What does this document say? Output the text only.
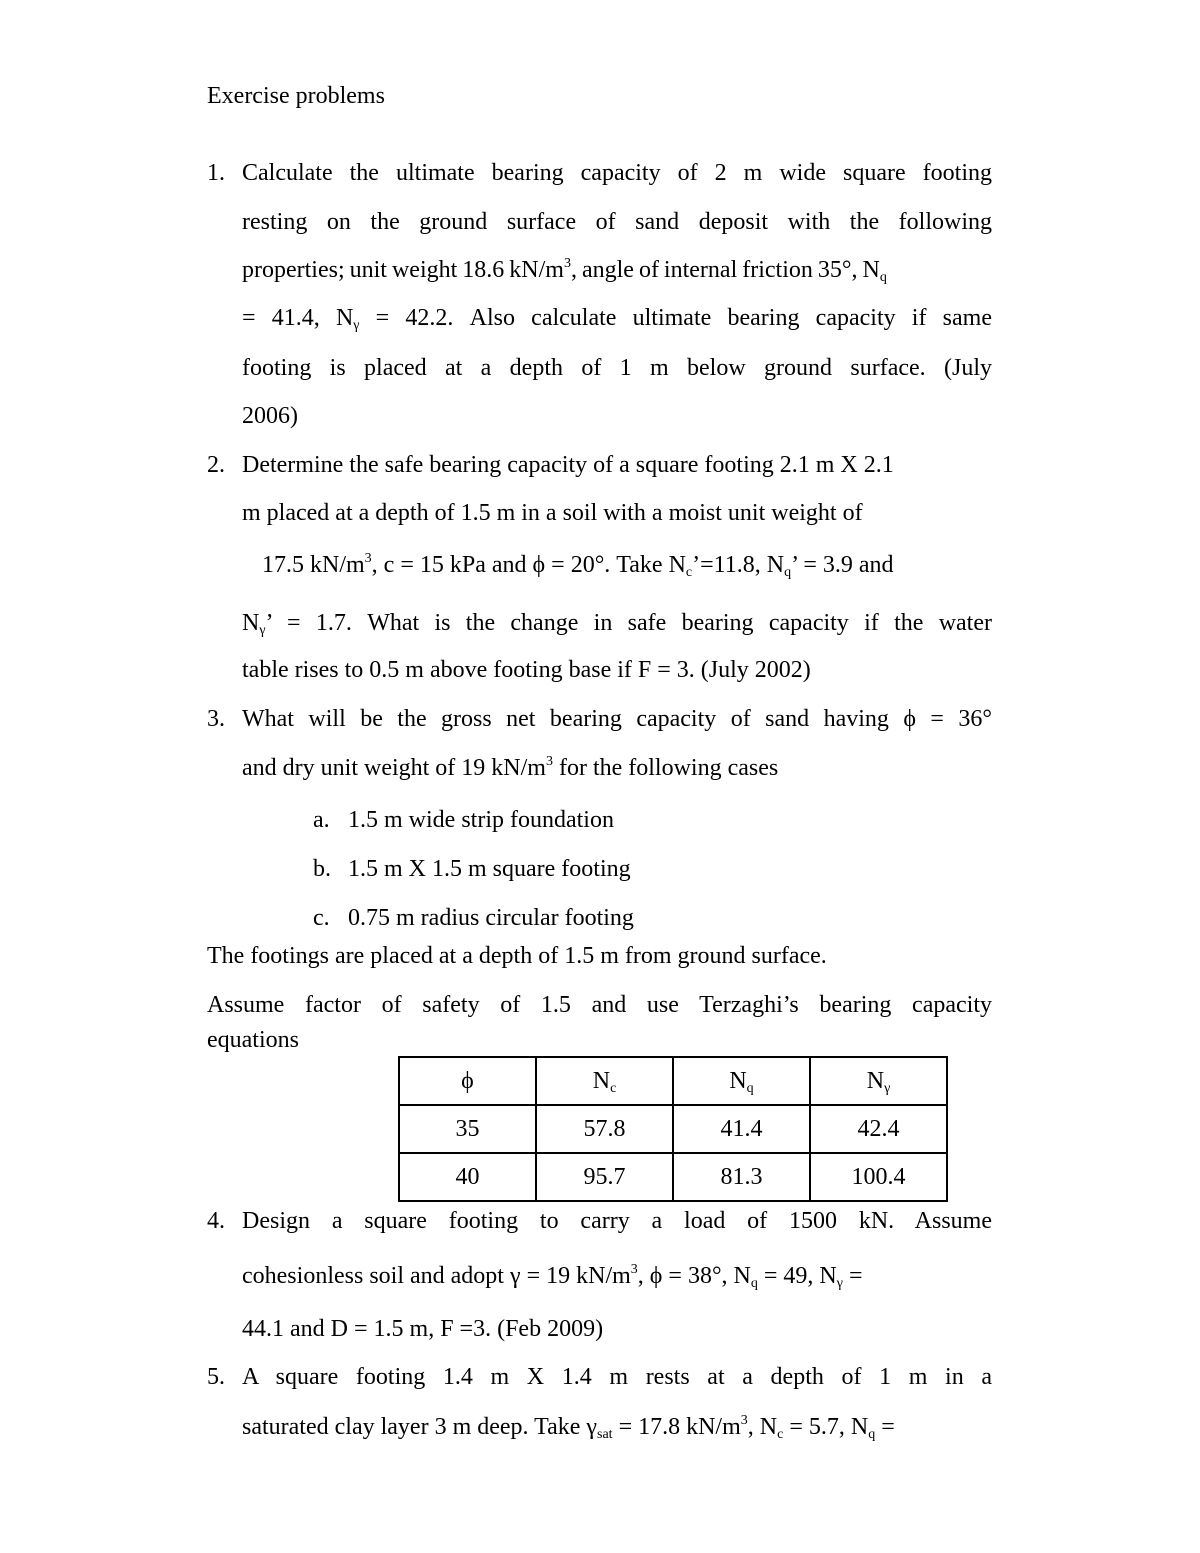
Exercise problems
1. Calculate the ultimate bearing capacity of 2 m wide square footing
resting on the ground surface of sand deposit with the following
properties; unit weight 18.6 $kN/m^3$, angle of internal friction 35°, $N_q$
= 41.4, $N_\gamma = 42.2$. Also calculate ultimate bearing capacity if same
footing is placed at a depth of 1 m below ground surface. (July
2006)
2. Determine the safe bearing capacity of a square footing 2.1 m X 2.1
m placed at a depth of 1.5 m in a soil with a moist unit weight of
17.5 $kN/m^3$, c = 15 kPa and ϕ = 20°. Take $N_c’=11.8$, $N_q$’ = 3.9 and
$N_\gamma$’ = 1.7. What is the change in safe bearing capacity if the water
table rises to 0.5 m above footing base if F = 3. (July 2002)
3. What will be the gross net bearing capacity of sand having ϕ = 36°
and dry unit weight of 19 $kN/m^3$ for the following cases
a. 1.5 m wide strip foundation
b. 1.5 m X 1.5 m square footing
c. 0.75 m radius circular footing
The footings are placed at a depth of 1.5 m from ground surface.
Assume factor of safety of 1.5 and use Terzaghi’s bearing capacity
equations
ϕ	$N_c$	$N_q$	$N_\gamma$
35	57.8	41.4	42.4
40	95.7	81.3	100.4
4. Design a square footing to carry a load of 1500 kN. Assume
cohesionless soil and adopt γ = 19 $kN/m^3$, ϕ = 38°, $N_q = 49$, $N_\gamma$ =
44.1 and D = 1.5 m, F =3. (Feb 2009)
5. A square footing 1.4 m X 1.4 m rests at a depth of 1 m in a
saturated clay layer 3 m deep. Take $\gamma_{sat} = 17.8$ $kN/m^3$, $N_c = 5.7$, $N_q$ =
